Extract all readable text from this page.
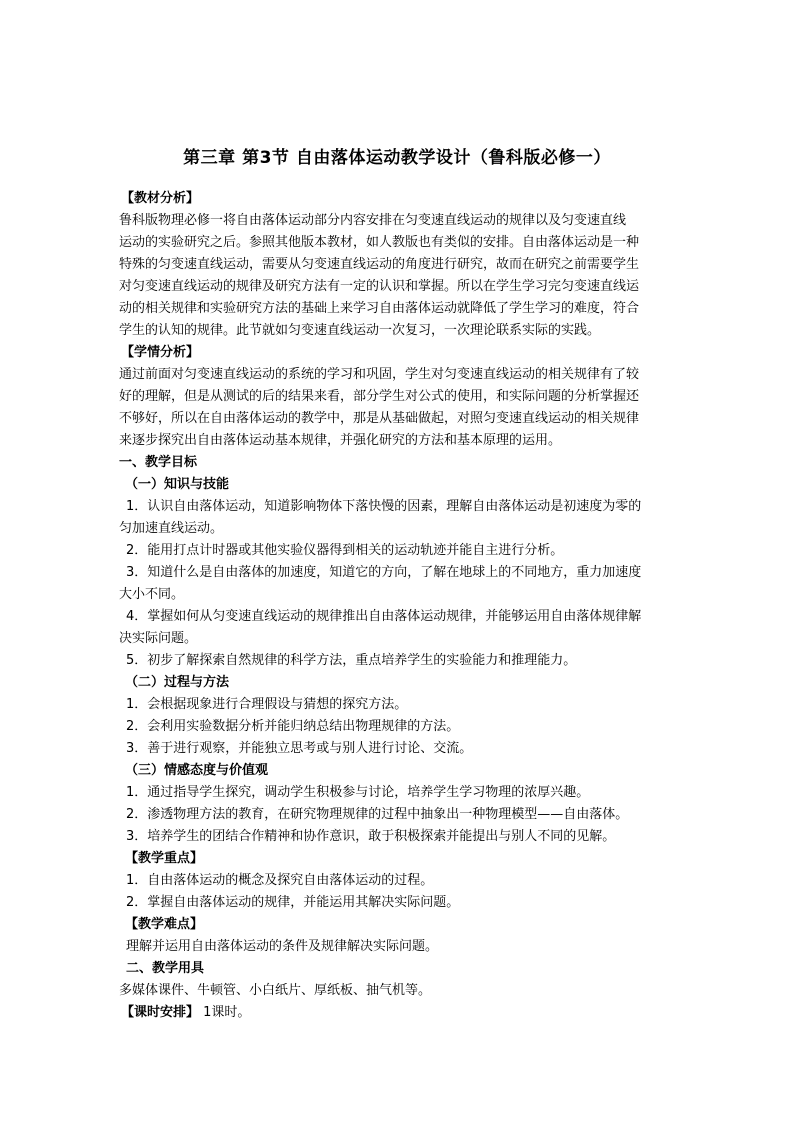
第三章 第3节 自由落体运动教学设计（鲁科版必修一）
【教材分析】
鲁科版物理必修一将自由落体运动部分内容安排在匀变速直线运动的规律以及匀变速直线
运动的实验研究之后。参照其他版本教材，如人教版也有类似的安排。自由落体运动是一种
特殊的匀变速直线运动，需要从匀变速直线运动的角度进行研究，故而在研究之前需要学生
对匀变速直线运动的规律及研究方法有一定的认识和掌握。所以在学生学习完匀变速直线运
动的相关规律和实验研究方法的基础上来学习自由落体运动就降低了学生学习的难度，符合
学生的认知的规律。此节就如匀变速直线运动一次复习，一次理论联系实际的实践。
【学情分析】
通过前面对匀变速直线运动的系统的学习和巩固，学生对匀变速直线运动的相关规律有了较
好的理解，但是从测试的后的结果来看，部分学生对公式的使用，和实际问题的分析掌握还
不够好，所以在自由落体运动的教学中，那是从基础做起，对照匀变速直线运动的相关规律
来逐步探究出自由落体运动基本规律，并强化研究的方法和基本原理的运用。
一、教学目标
（一）知识与技能
1．认识自由落体运动，知道影响物体下落快慢的因素，理解自由落体运动是初速度为零的
匀加速直线运动。
2．能用打点计时器或其他实验仪器得到相关的运动轨迹并能自主进行分析。
3．知道什么是自由落体的加速度，知道它的方向，了解在地球上的不同地方，重力加速度
大小不同。
4．掌握如何从匀变速直线运动的规律推出自由落体运动规律，并能够运用自由落体规律解
决实际问题。
5．初步了解探索自然规律的科学方法，重点培养学生的实验能力和推理能力。
（二）过程与方法
1．会根据现象进行合理假设与猜想的探究方法。
2．会利用实验数据分析并能归纳总结出物理规律的方法。
3．善于进行观察，并能独立思考或与别人进行讨论、交流。
（三）情感态度与价值观
1．通过指导学生探究，调动学生积极参与讨论，培养学生学习物理的浓厚兴趣。
2．渗透物理方法的教育，在研究物理规律的过程中抽象出一种物理模型——自由落体。
3．培养学生的团结合作精神和协作意识，敢于积极探索并能提出与别人不同的见解。
【教学重点】
1．自由落体运动的概念及探究自由落体运动的过程。
2．掌握自由落体运动的规律，并能运用其解决实际问题。
【教学难点】
理解并运用自由落体运动的条件及规律解决实际问题。
二、教学用具
多媒体课件、牛顿管、小白纸片、厚纸板、抽气机等。
【课时安排】 1课时。
